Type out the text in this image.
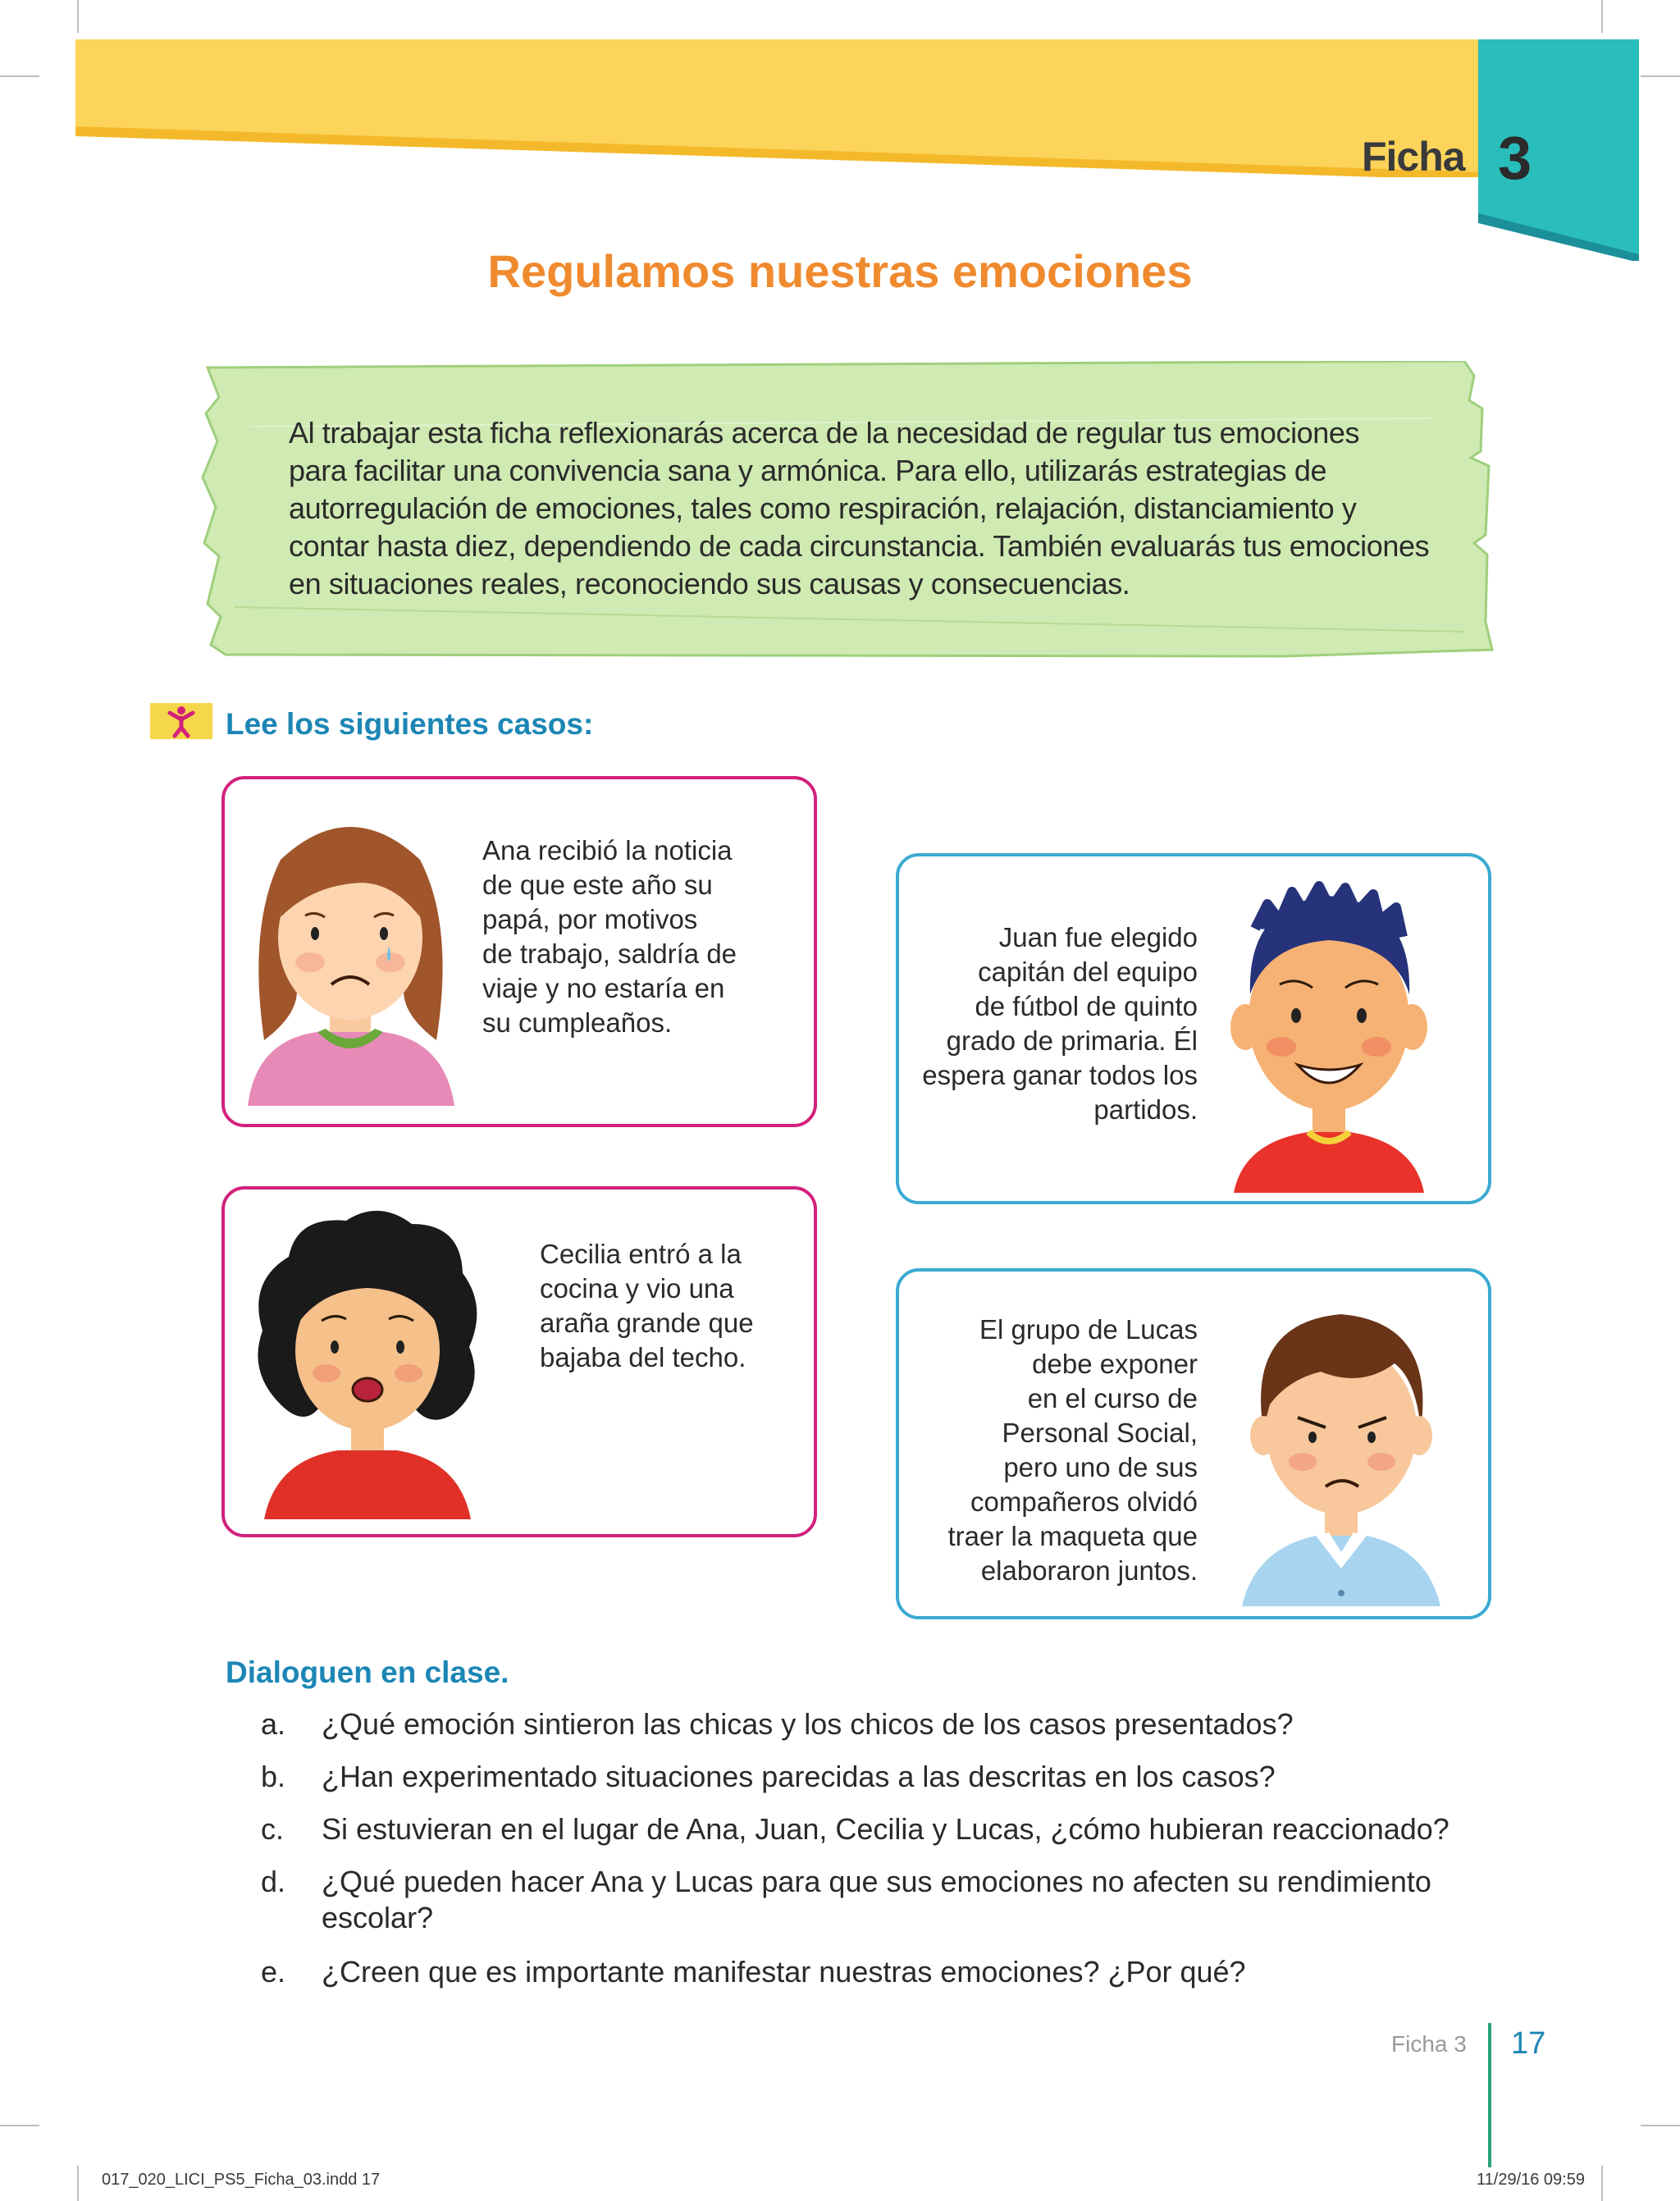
Ficha 3
Regulamos nuestras emociones
Al trabajar esta ficha reflexionarás acerca de la necesidad de regular tus emociones
para facilitar una convivencia sana y armónica. Para ello, utilizarás estrategias de
autorregulación de emociones, tales como respiración, relajación, distanciamiento y
contar hasta diez, dependiendo de cada circunstancia. También evaluarás tus emociones
en situaciones reales, reconociendo sus causas y consecuencias.
Lee los siguientes casos:
Ana recibió la noticia
de que este año su
papá, por motivos
de trabajo, saldría de
viaje y no estaría en
su cumpleaños.
Juan fue elegido
capitán del equipo
de fútbol de quinto
grado de primaria. Él
espera ganar todos los
partidos.
Cecilia entró a la
cocina y vio una
araña grande que
bajaba del techo.
El grupo de Lucas
debe exponer
en el curso de
Personal Social,
pero uno de sus
compañeros olvidó
traer la maqueta que
elaboraron juntos.
Dialoguen en clase.
a. ¿Qué emoción sintieron las chicas y los chicos de los casos presentados?
b. ¿Han experimentado situaciones parecidas a las descritas en los casos?
c.	Si estuvieran en el lugar de Ana, Juan, Cecilia y Lucas, ¿cómo hubieran reaccionado?
d. ¿Qué pueden hacer Ana y Lucas para que sus emociones no afecten su rendimiento
escolar?
e. ¿Creen que es importante manifestar nuestras emociones? ¿Por qué?
Ficha 3 17
017_020_LICI_PS5_Ficha_03.indd 17	11/29/16 09:59
